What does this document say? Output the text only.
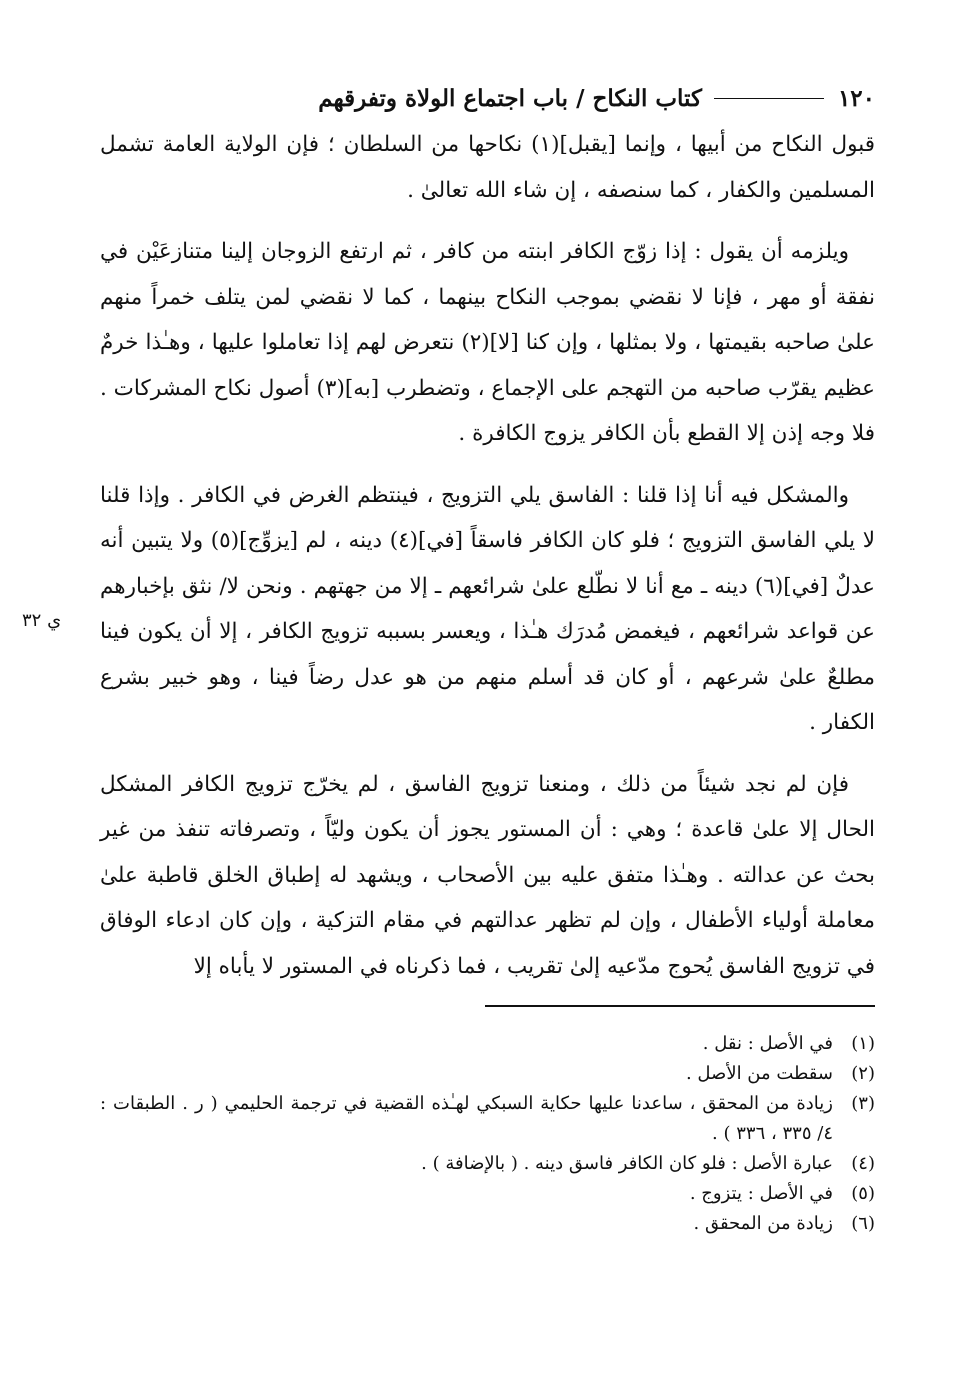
١٢٠
كتاب النكاح / باب اجتماع الولاة وتفرقهم

قبول النكاح من أبيها ، وإنما [يقبل](١) نكاحها من السلطان ؛ فإن الولاية العامة تشمل المسلمين والكفار ، كما سنصفه ، إن شاء الله تعالىٰ .

ويلزمه أن يقول : إذا زوّج الكافر ابنته من كافر ، ثم ارتفع الزوجان إلينا متنازعَيْن في نفقة أو مهر ، فإنا لا نقضي بموجب النكاح بينهما ، كما لا نقضي لمن يتلف خمراً منهم علىٰ صاحبه بقيمتها ، ولا بمثلها ، وإن كنا [لا](٢) نتعرض لهم إذا تعاملوا عليها ، وهـٰذا خرمٌ عظيم يقرّب صاحبه من التهجم على الإجماع ، وتضطرب [به](٣) أصول نكاح المشركات . فلا وجه إذن إلا القطع بأن الكافر يزوج الكافرة .

ي ٣٢

والمشكل فيه أنا إذا قلنا : الفاسق يلي التزويج ، فينتظم الغرض في الكافر . وإذا قلنا لا يلي الفاسق التزويج ؛ فلو كان الكافر فاسقاً [في](٤) دينه ، لم [يزوِّج](٥) ولا يتبين أنه عدلٌ [في](٦) دينه ـ مع أنا لا نطّلع علىٰ شرائعهم ـ إلا من جهتهم . ونحن لا/ نثق بإخبارهم عن قواعد شرائعهم ، فيغمض مُدرَك هـٰذا ، ويعسر بسببه تزويج الكافر ، إلا أن يكون فينا مطلعٌ علىٰ شرعهم ، أو كان قد أسلم منهم من هو عدل رضاً فينا ، وهو خبير بشرع الكفار .

فإن لم نجد شيئاً من ذلك ، ومنعنا تزويج الفاسق ، لم يخرّج تزويج الكافر المشكل الحال إلا علىٰ قاعدة ؛ وهي : أن المستور يجوز أن يكون وليّاً ، وتصرفاته تنفذ من غير بحث عن عدالته . وهـٰذا متفق عليه بين الأصحاب ، ويشهد له إطباق الخلق قاطبة علىٰ معاملة أولياء الأطفال ، وإن لم تظهر عدالتهم في مقام التزكية ، وإن كان ادعاء الوفاق في تزويج الفاسق يُحوج مدّعيه إلىٰ تقريب ، فما ذكرناه في المستور لا يأباه إلا

(١)
في الأصل : نقل .
(٢)
سقطت من الأصل .
(٣)
زيادة من المحقق ، ساعدنا عليها حكاية السبكي لهـٰذه القضية في ترجمة الحليمي ( ر . الطبقات : ٤/ ٣٣٥ ، ٣٣٦ ) .
(٤)
عبارة الأصل : فلو كان الكافر فاسق دينه . ( بالإضافة ) .
(٥)
في الأصل : يتزوج .
(٦)
زيادة من المحقق .
